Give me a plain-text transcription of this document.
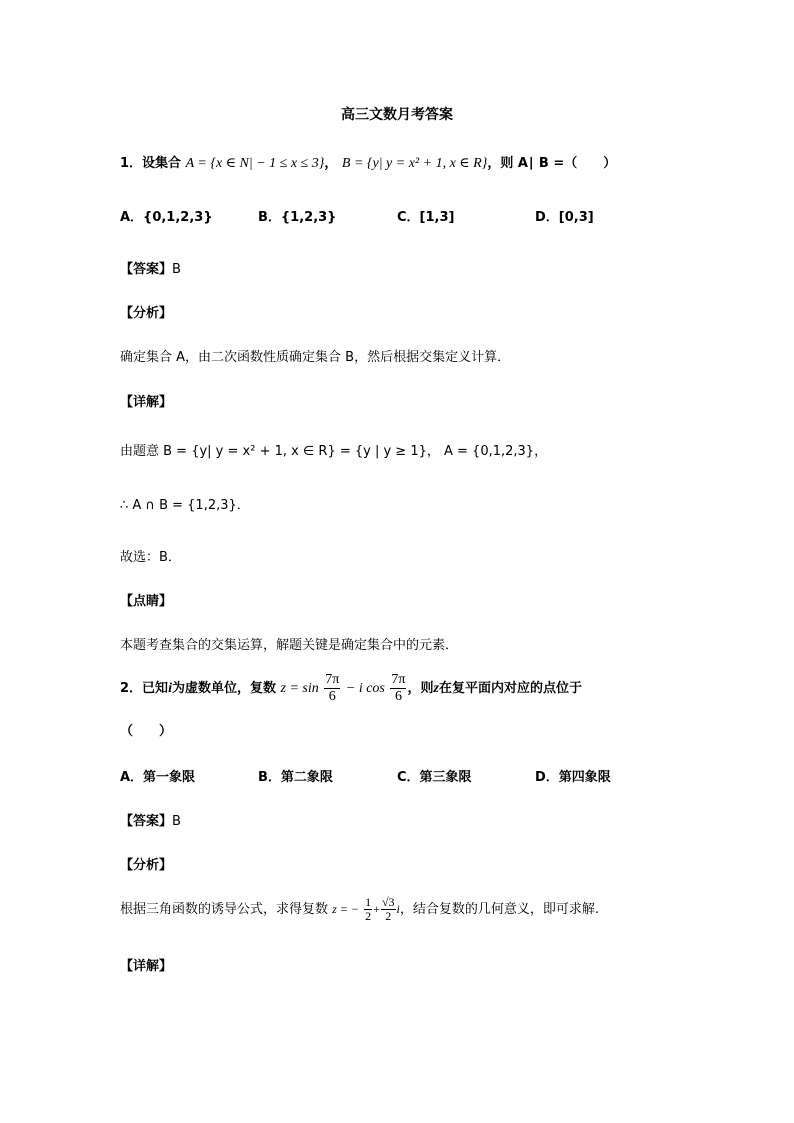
高三文数月考答案
1．设集合 A = {x ∈ N| − 1 ≤ x ≤ 3}， B = {y| y = x² + 1, x ∈ R}，则 A∣ B =（　　）
A．{0,1,2,3}	B．{1,2,3}	C．[1,3]	D．[0,3]
【答案】B
【分析】
确定集合 A，由二次函数性质确定集合 B，然后根据交集定义计算．
【详解】
由题意 B = {y| y = x² + 1, x ∈ R} = {y | y ≥ 1}， A = {0,1,2,3}，
∴ A ∩ B = {1,2,3}．
故选：B．
【点睛】
本题考查集合的交集运算，解题关键是确定集合中的元素．
2．已知i为虚数单位，复数 $z = \sin \frac{7\pi}{6} - i$ $\cos \frac{7\pi}{6}$ ，则z在复平面内对应的点位于
（　　）
A．第一象限	B．第二象限	C．第三象限	D．第四象限
【答案】B
【分析】
根据三角函数的诱导公式，求得复数 z = − $\frac{1}{2} + \frac{√3}{2}$ i，结合复数的几何意义，即可求解.
【详解】
